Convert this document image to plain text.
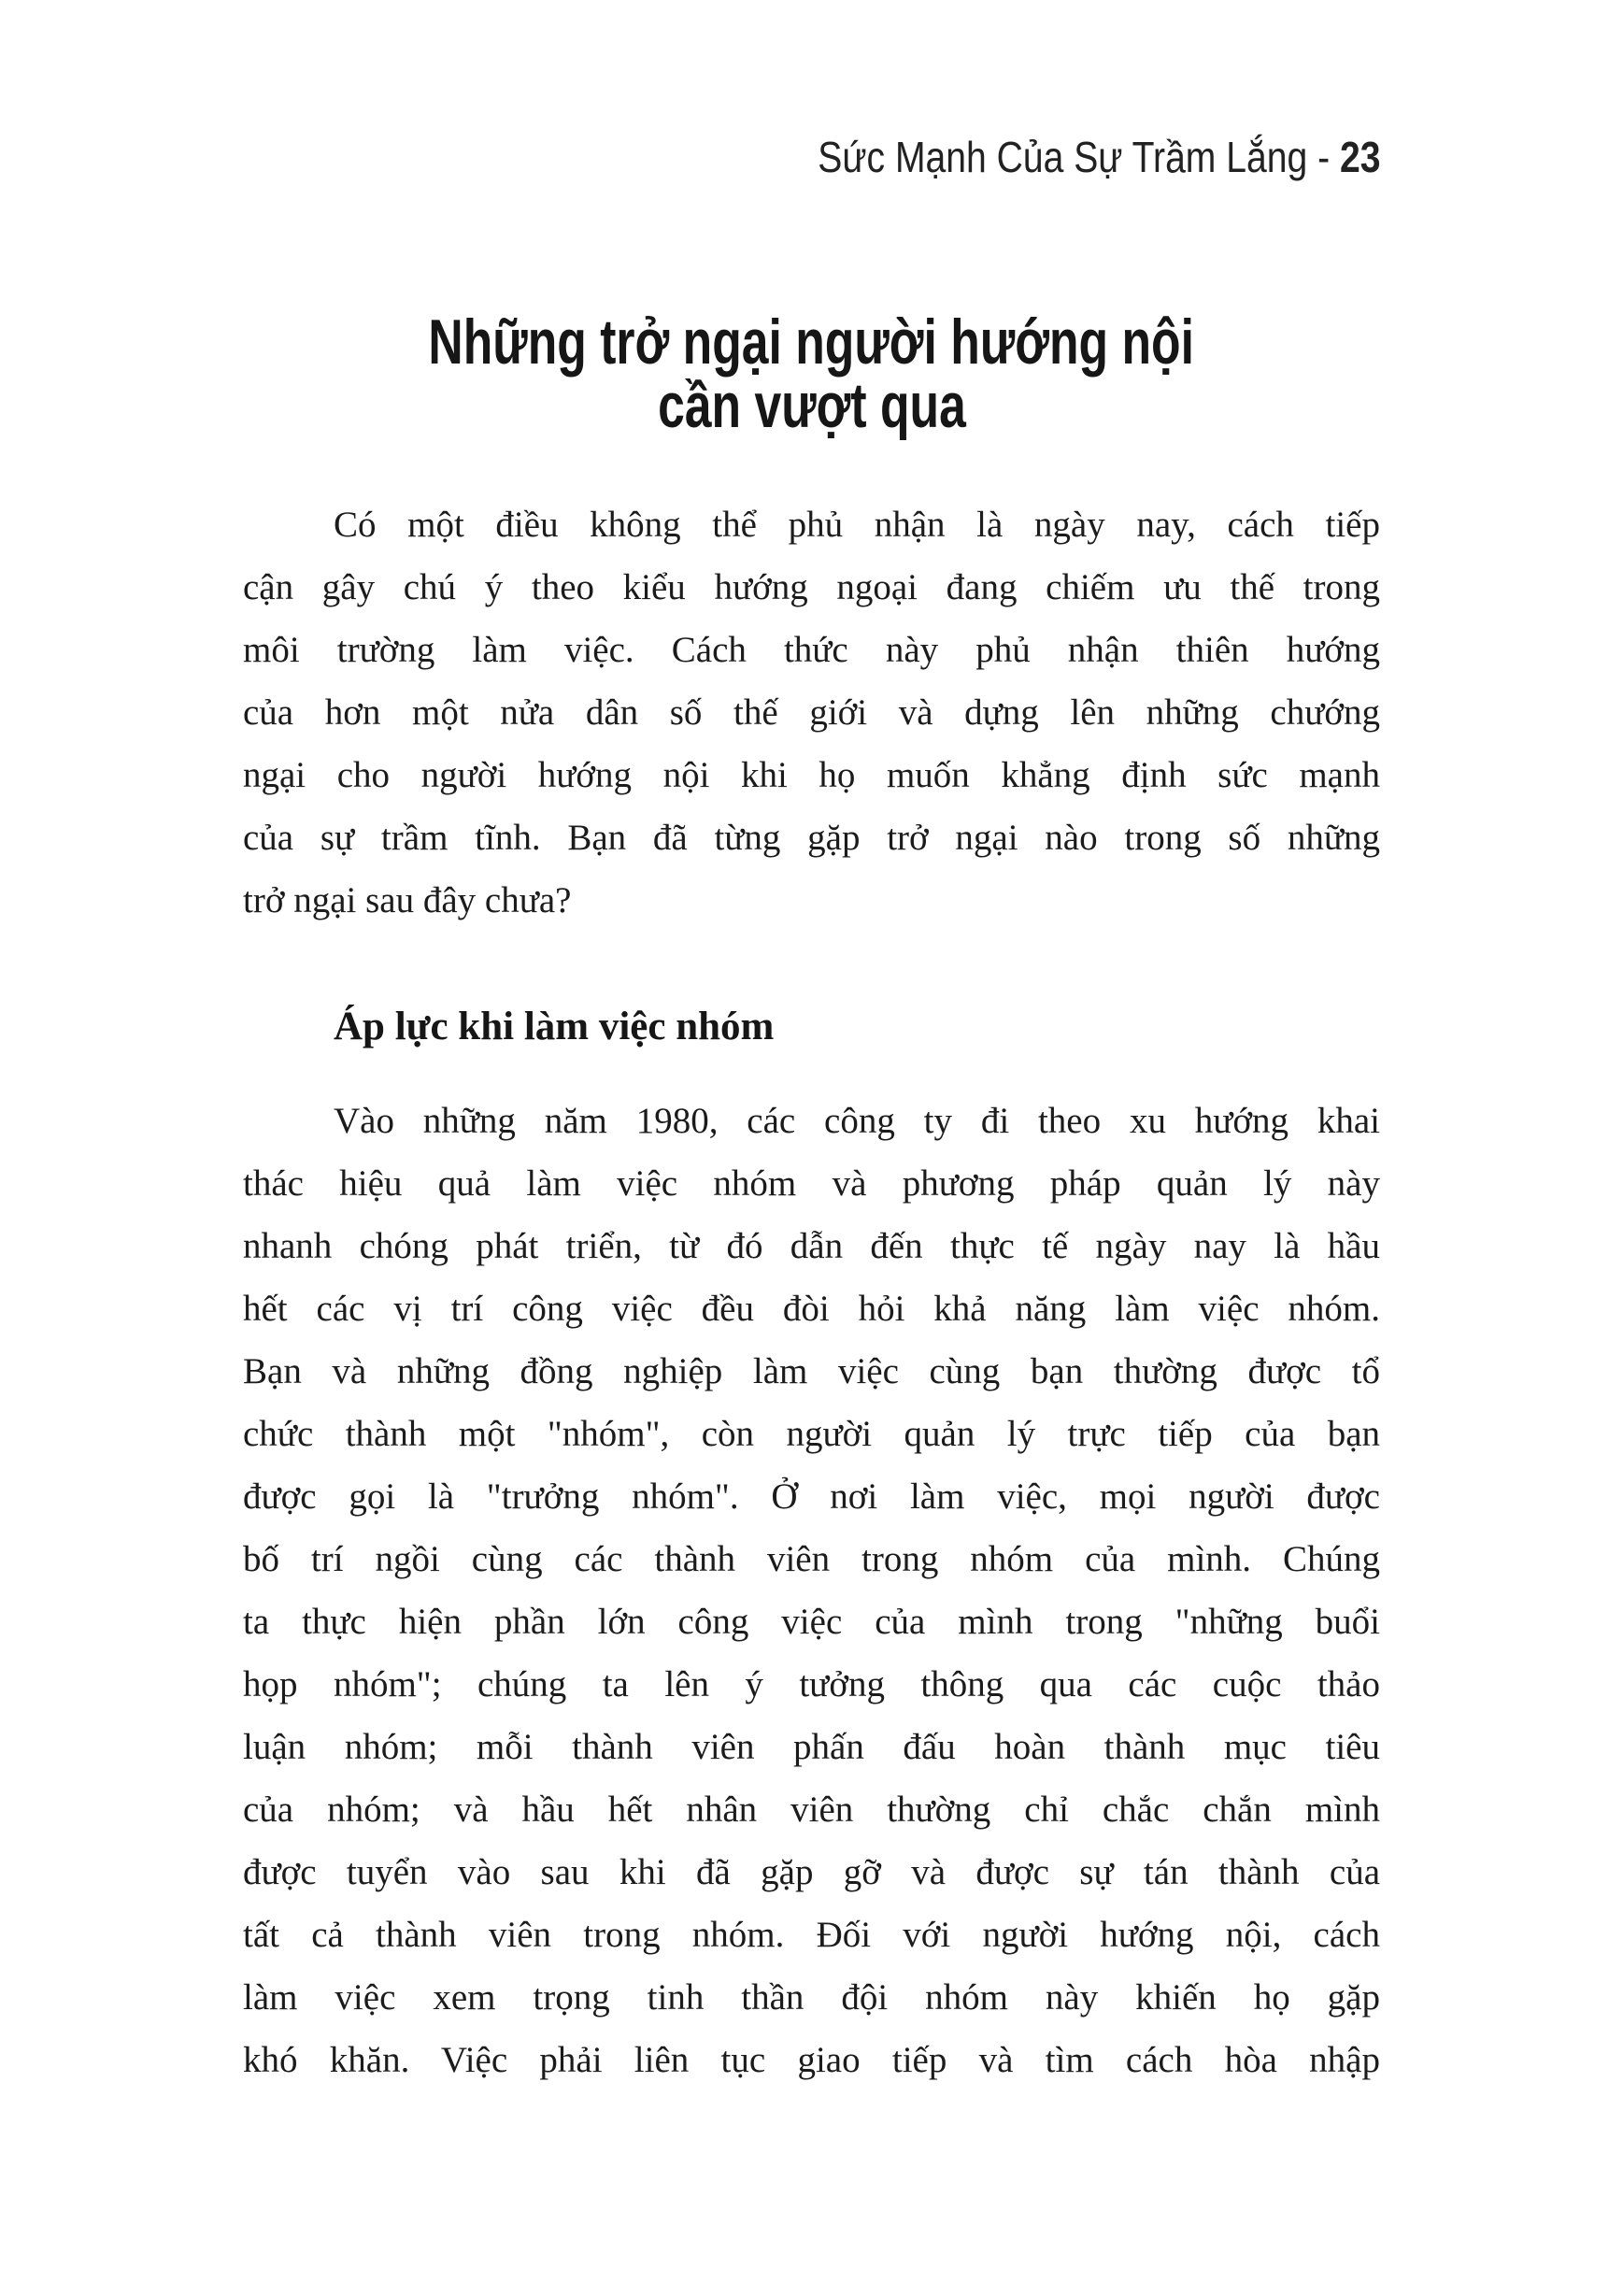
Sức Mạnh Của Sự Trầm Lắng - 23
Những trở ngại người hướng nội
cần vượt qua
Có một điều không thể phủ nhận là ngày nay, cách tiếp
cận gây chú ý theo kiểu hướng ngoại đang chiếm ưu thế trong
môi trường làm việc. Cách thức này phủ nhận thiên hướng
của hơn một nửa dân số thế giới và dựng lên những chướng
ngại cho người hướng nội khi họ muốn khẳng định sức mạnh
của sự trầm tĩnh. Bạn đã từng gặp trở ngại nào trong số những
trở ngại sau đây chưa?
Áp lực khi làm việc nhóm
Vào những năm 1980, các công ty đi theo xu hướng khai
thác hiệu quả làm việc nhóm và phương pháp quản lý này
nhanh chóng phát triển, từ đó dẫn đến thực tế ngày nay là hầu
hết các vị trí công việc đều đòi hỏi khả năng làm việc nhóm.
Bạn và những đồng nghiệp làm việc cùng bạn thường được tổ
chức thành một "nhóm", còn người quản lý trực tiếp của bạn
được gọi là "trưởng nhóm". Ở nơi làm việc, mọi người được
bố trí ngồi cùng các thành viên trong nhóm của mình. Chúng
ta thực hiện phần lớn công việc của mình trong "những buổi
họp nhóm"; chúng ta lên ý tưởng thông qua các cuộc thảo
luận nhóm; mỗi thành viên phấn đấu hoàn thành mục tiêu
của nhóm; và hầu hết nhân viên thường chỉ chắc chắn mình
được tuyển vào sau khi đã gặp gỡ và được sự tán thành của
tất cả thành viên trong nhóm. Đối với người hướng nội, cách
làm việc xem trọng tinh thần đội nhóm này khiến họ gặp
khó khăn. Việc phải liên tục giao tiếp và tìm cách hòa nhập
